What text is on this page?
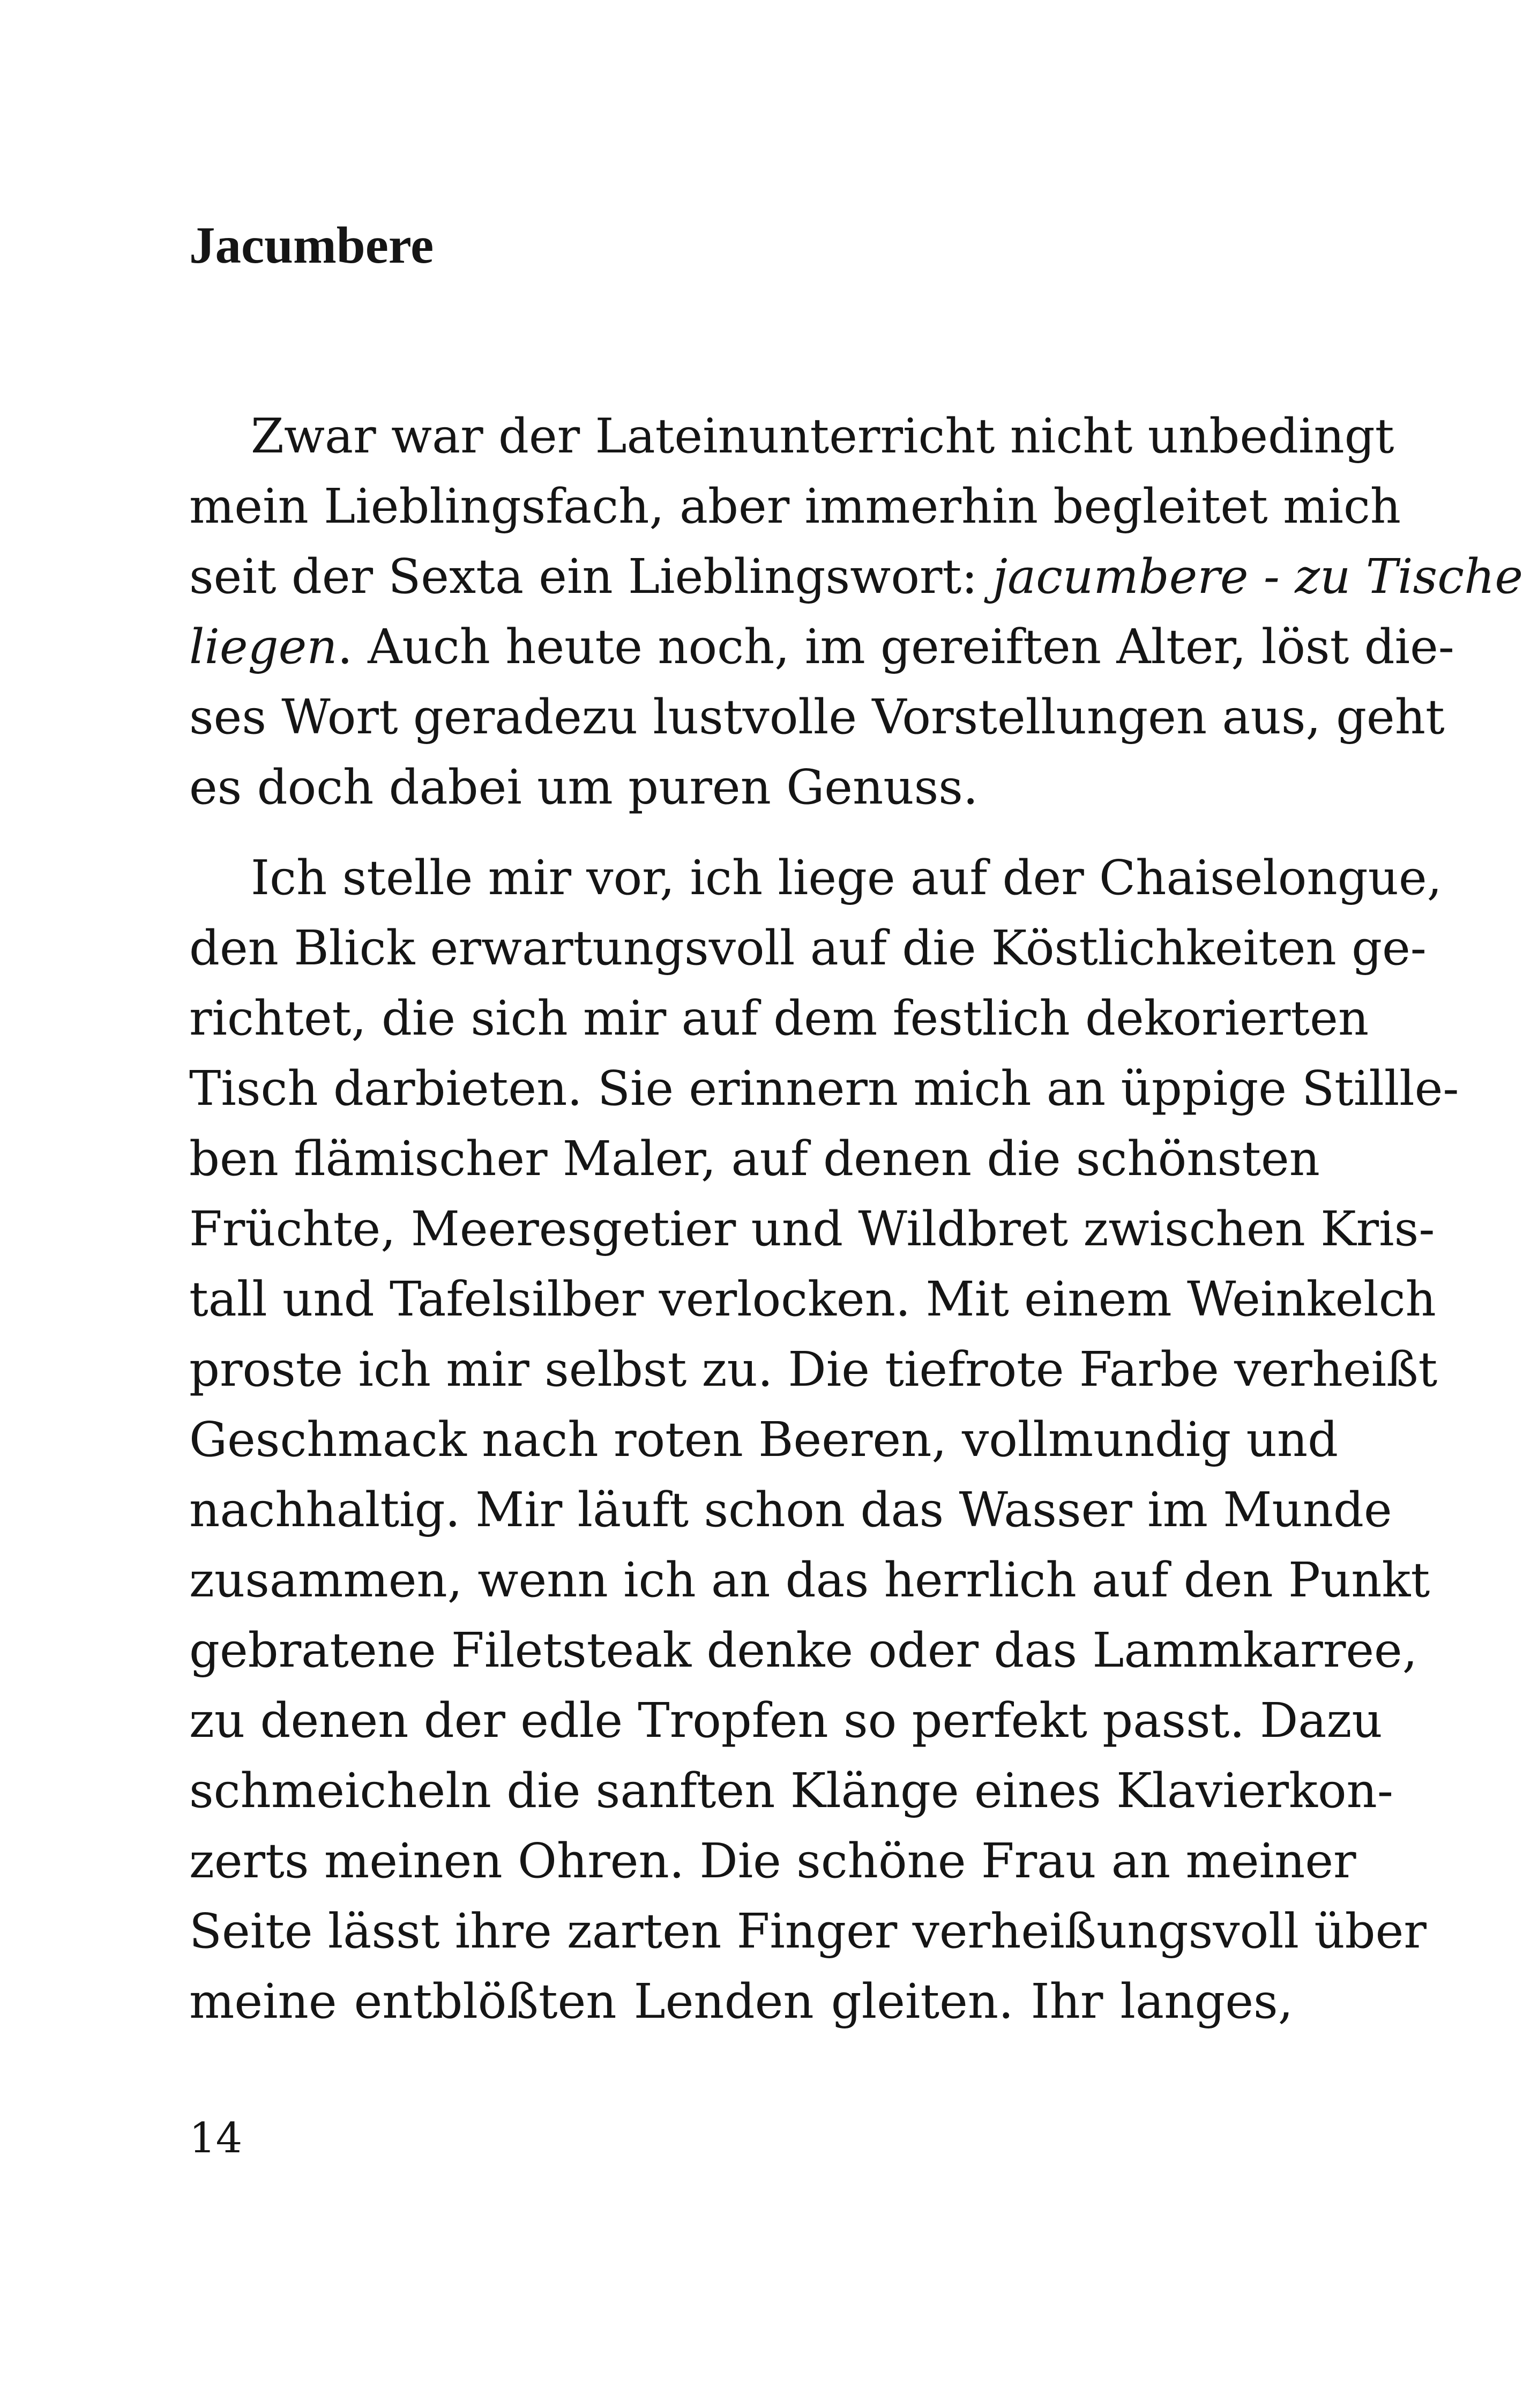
Jacumbere
Zwar war der Lateinunterricht nicht unbedingt
mein Lieblingsfach, aber immerhin begleitet mich
seit der Sexta ein Lieblingswort: jacumbere - zu Tische
liegen. Auch heute noch, im gereiften Alter, löst die-
ses Wort geradezu lustvolle Vorstellungen aus, geht
es doch dabei um puren Genuss.
Ich stelle mir vor, ich liege auf der Chaiselongue,
den Blick erwartungsvoll auf die Köstlichkeiten ge-
richtet, die sich mir auf dem festlich dekorierten
Tisch darbieten. Sie erinnern mich an üppige Stillle-
ben flämischer Maler, auf denen die schönsten
Früchte, Meeresgetier und Wildbret zwischen Kris-
tall und Tafelsilber verlocken. Mit einem Weinkelch
proste ich mir selbst zu. Die tiefrote Farbe verheißt
Geschmack nach roten Beeren, vollmundig und
nachhaltig. Mir läuft schon das Wasser im Munde
zusammen, wenn ich an das herrlich auf den Punkt
gebratene Filetsteak denke oder das Lammkarree,
zu denen der edle Tropfen so perfekt passt. Dazu
schmeicheln die sanften Klänge eines Klavierkon-
zerts meinen Ohren. Die schöne Frau an meiner
Seite lässt ihre zarten Finger verheißungsvoll über
meine entblößten Lenden gleiten. Ihr langes,
14
